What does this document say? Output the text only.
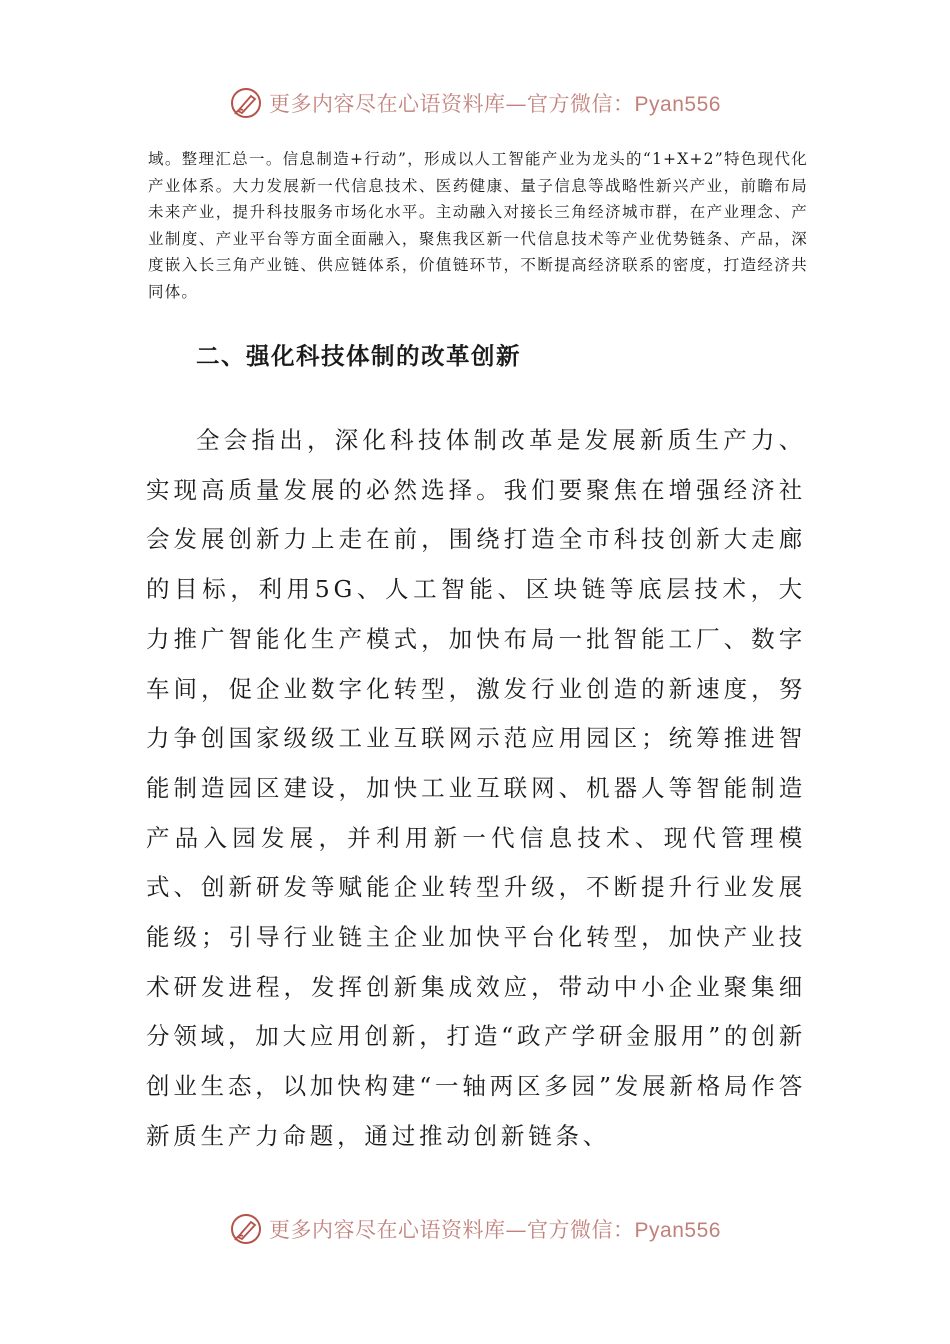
更多内容尽在心语资料库—官方微信：Pyan556

域。整理汇总一。信息制造+行动”，形成以人工智能产业为龙头的“1+X+2”特色现代化产业体系。大力发展新一代信息技术、医药健康、量子信息等战略性新兴产业，前瞻布局未来产业，提升科技服务市场化水平。主动融入对接长三角经济城市群，在产业理念、产业制度、产业平台等方面全面融入，聚焦我区新一代信息技术等产业优势链条、产品，深度嵌入长三角产业链、供应链体系，价值链环节，不断提高经济联系的密度，打造经济共同体。

二、强化科技体制的改革创新

全会指出，深化科技体制改革是发展新质生产力、实现高质量发展的必然选择。我们要聚焦在增强经济社会发展创新力上走在前，围绕打造全市科技创新大走廊的目标，利用5G、人工智能、区块链等底层技术，大力推广智能化生产模式，加快布局一批智能工厂、数字车间，促企业数字化转型，激发行业创造的新速度，努力争创国家级级工业互联网示范应用园区；统筹推进智能制造园区建设，加快工业互联网、机器人等智能制造产品入园发展，并利用新一代信息技术、现代管理模式、创新研发等赋能企业转型升级，不断提升行业发展能级；引导行业链主企业加快平台化转型，加快产业技术研发进程，发挥创新集成效应，带动中小企业聚集细分领域，加大应用创新，打造“政产学研金服用”的创新创业生态，以加快构建“一轴两区多园”发展新格局作答新质生产力命题，通过推动创新链条、

更多内容尽在心语资料库—官方微信：Pyan556
